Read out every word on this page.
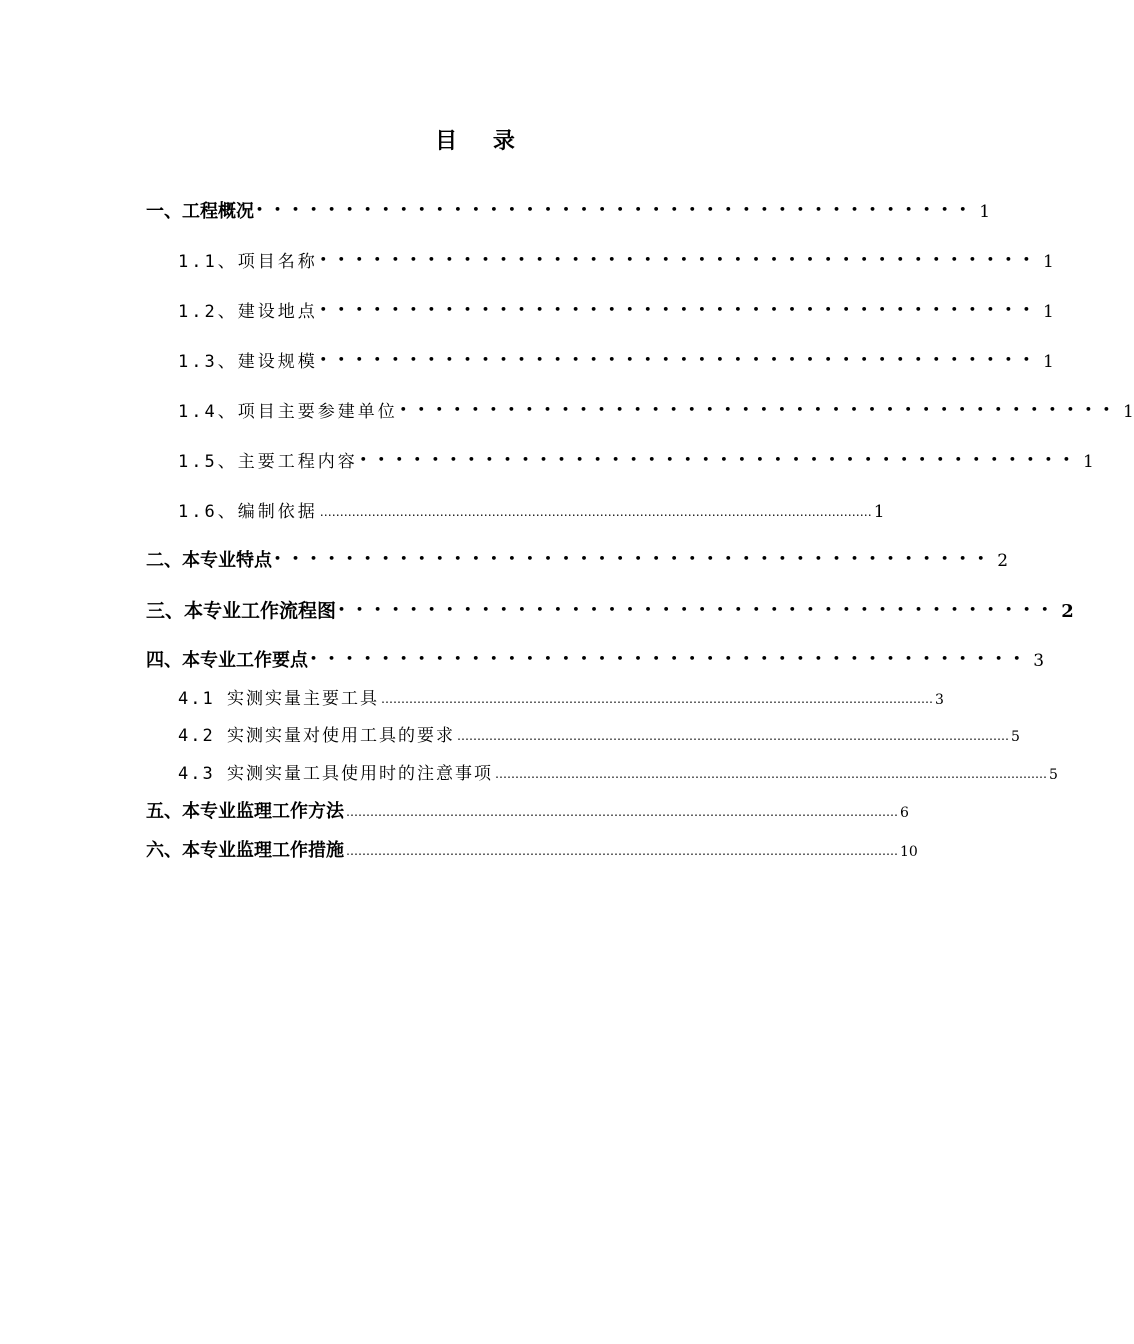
目 录
一、工程概况 •••••••••••••••••••••••••••••••••••••••• 1
1.1、项目名称 •••••••••••••••••••••••••••••••••••••••• 1
1.2、建设地点 •••••••••••••••••••••••••••••••••••••••• 1
1.3、建设规模 •••••••••••••••••••••••••••••••••••••••• 1
1.4、项目主要参建单位 •••••••••••••••••••••••••••••••••••••••• 1
1.5、主要工程内容 •••••••••••••••••••••••••••••••••••••••• 1
1.6、编制依据 ………………………………………………………………………………………………………………………… 1
二、本专业特点 •••••••••••••••••••••••••••••••••••••••• 2
三、本专业工作流程图 •••••••••••••••••••••••••••••••••••••••• 2
四、本专业工作要点 •••••••••••••••••••••••••••••••••••••••• 3
4.1 实测实量主要工具 ………………………………………………………………………………………………………………………… 3
4.2 实测实量对使用工具的要求 ………………………………………………………………………………………………………………………… 5
4.3 实测实量工具使用时的注意事项 ………………………………………………………………………………………………………………………… 5
五、本专业监理工作方法 ………………………………………………………………………………………………………………………… 6
六、本专业监理工作措施 ………………………………………………………………………………………………………………………… 10
